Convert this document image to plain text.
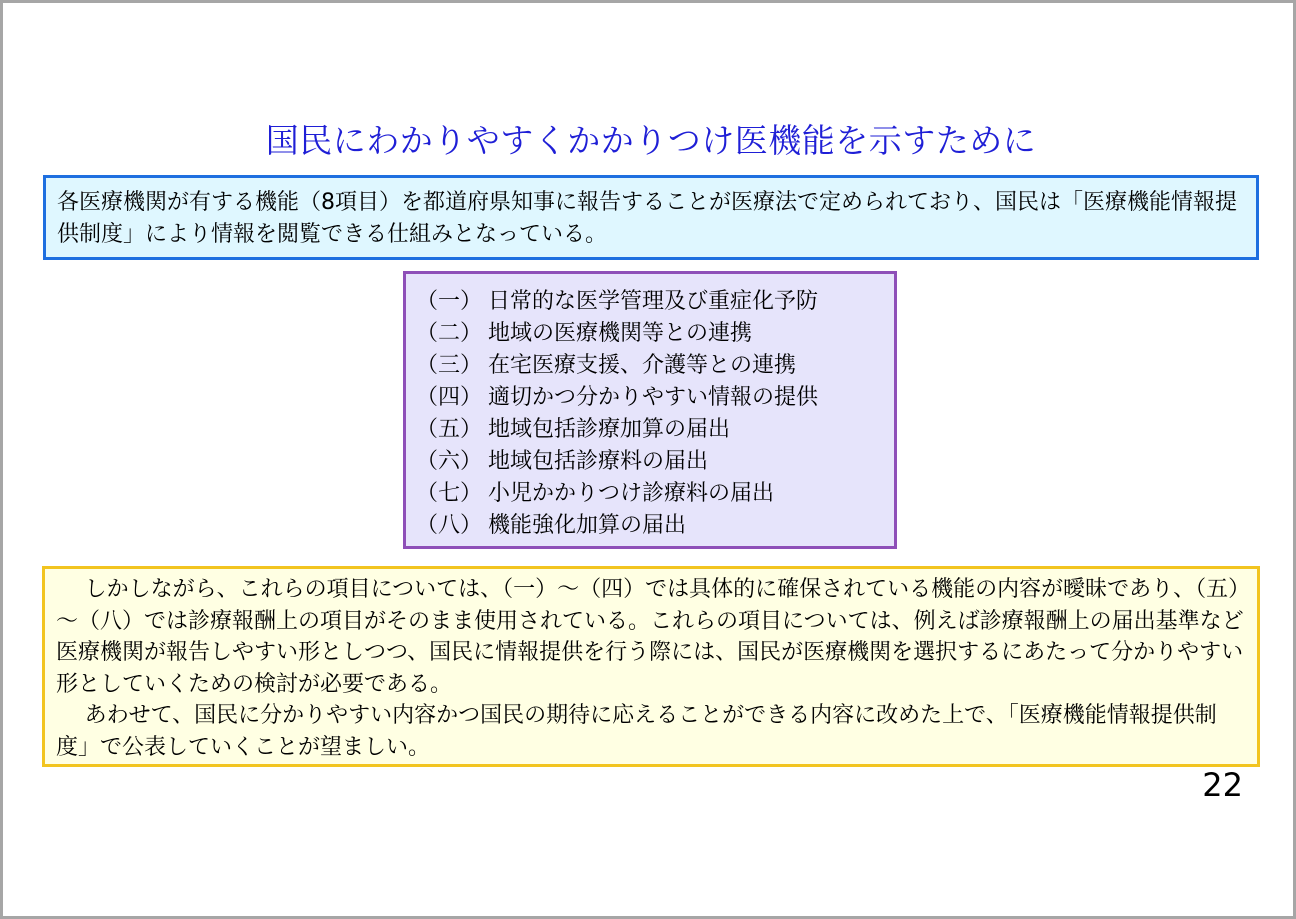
国民にわかりやすくかかりつけ医機能を示すために
各医療機関が有する機能（8項目）を都道府県知事に報告することが医療法で定められており、国民は「医療機能情報提供制度」により情報を閲覧できる仕組みとなっている。
（一） 日常的な医学管理及び重症化予防
（二） 地域の医療機関等との連携
（三） 在宅医療支援、介護等との連携
（四） 適切かつ分かりやすい情報の提供
（五） 地域包括診療加算の届出
（六） 地域包括診療料の届出
（七） 小児かかりつけ診療料の届出
（八） 機能強化加算の届出

しかしながら、これらの項目については、（一）～（四）では具体的に確保されている機能の内容が曖昧であり、（五）～（八）では診療報酬上の項目がそのまま使用されている。これらの項目については、例えば診療報酬上の届出基準など医療機関が報告しやすい形としつつ、国民に情報提供を行う際には、国民が医療機関を選択するにあたって分かりやすい形としていくための検討が必要である。

あわせて、国民に分かりやすい内容かつ国民の期待に応えることができる内容に改めた上で、「医療機能情報提供制度」で公表していくことが望ましい。

22
